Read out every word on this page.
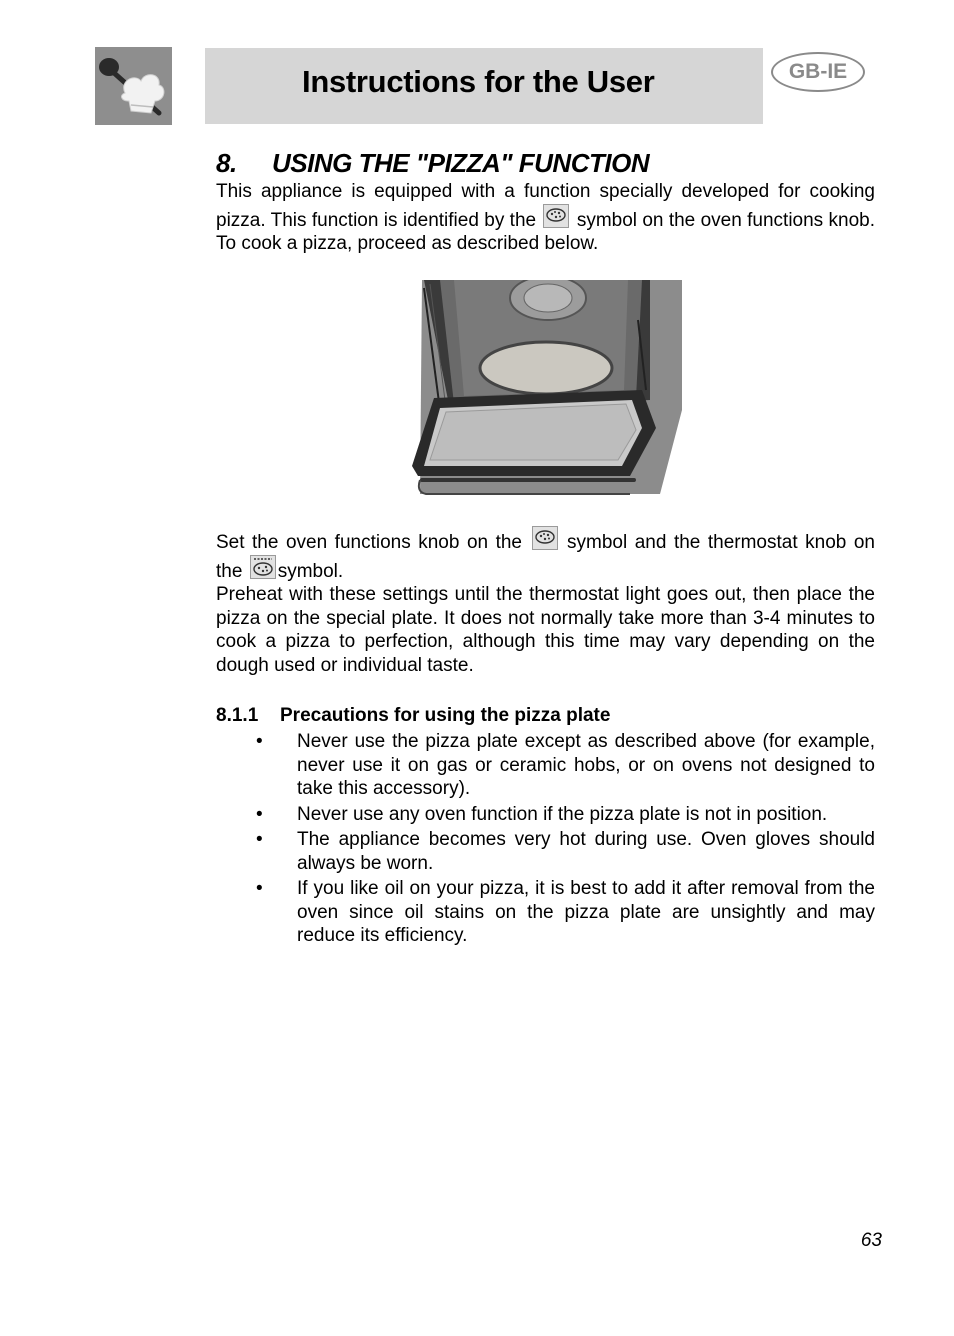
Instructions for the User	GB-IE
8. USING THE "PIZZA" FUNCTION

This appliance is equipped with a function specially developed for cooking pizza. This function is identified by the symbol on the oven functions knob. To cook a pizza, proceed as described below.

Set the oven functions knob on the symbol and the thermostat knob on the symbol.

Preheat with these settings until the thermostat light goes out, then place the pizza on the special plate. It does not normally take more than 3-4 minutes to cook a pizza to perfection, although this time may vary depending on the dough used or individual taste.

8.1.1 Precautions for using the pizza plate
• Never use the pizza plate except as described above (for example, never use it on gas or ceramic hobs, or on ovens not designed to take this accessory).
• Never use any oven function if the pizza plate is not in position.
• The appliance becomes very hot during use. Oven gloves should always be worn.
• If you like oil on your pizza, it is best to add it after removal from the oven since oil stains on the pizza plate are unsightly and may reduce its efficiency.
63
